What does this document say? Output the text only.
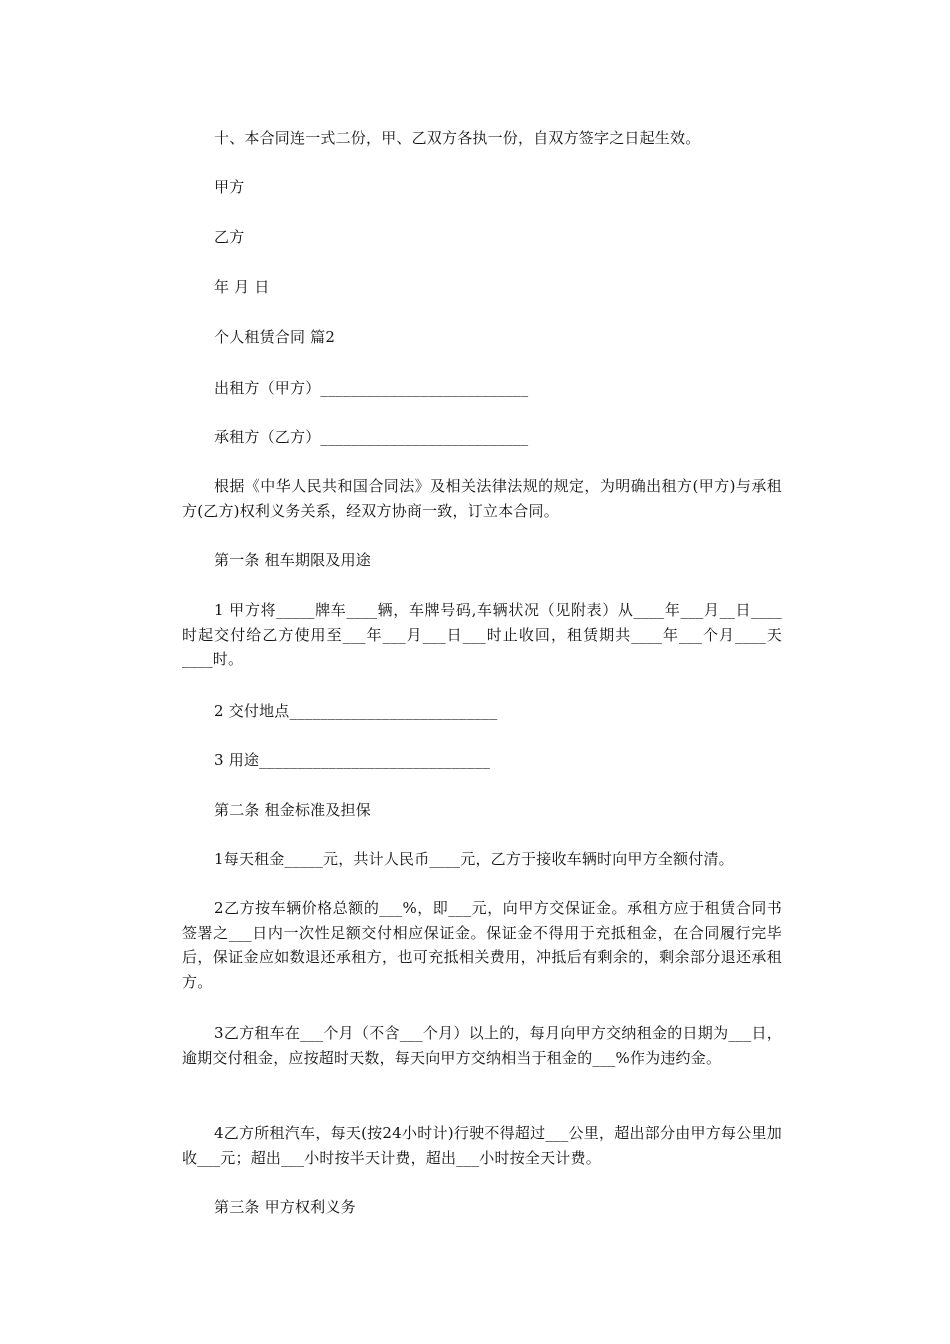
十、本合同连一式二份，甲、乙双方各执一份，自双方签字之日起生效。
甲方
乙方
年 月 日
个人租赁合同 篇2
出租方（甲方）___________________________
承租方（乙方）___________________________
根据《中华人民共和国合同法》及相关法律法规的规定，为明确出租方(甲方)与承租方(乙方)权利义务关系，经双方协商一致，订立本合同。
第一条 租车期限及用途
1 甲方将_____牌车____辆，车牌号码,车辆状况（见附表）从____年___月__日____时起交付给乙方使用至___年___月___日___时止收回，租赁期共____年___个月____天____时。
2 交付地点___________________________
3 用途______________________________
第二条 租金标准及担保
1每天租金_____元，共计人民币____元，乙方于接收车辆时向甲方全额付清。
2乙方按车辆价格总额的___%，即___元，向甲方交保证金。承租方应于租赁合同书签署之___日内一次性足额交付相应保证金。保证金不得用于充抵租金，在合同履行完毕后，保证金应如数退还承租方，也可充抵相关费用，冲抵后有剩余的，剩余部分退还承租方。
3乙方租车在___个月（不含___个月）以上的，每月向甲方交纳租金的日期为___日，逾期交付租金，应按超时天数，每天向甲方交纳相当于租金的___%作为违约金。
4乙方所租汽车，每天(按24小时计)行驶不得超过___公里，超出部分由甲方每公里加收___元；超出___小时按半天计费，超出___小时按全天计费。
第三条 甲方权利义务
